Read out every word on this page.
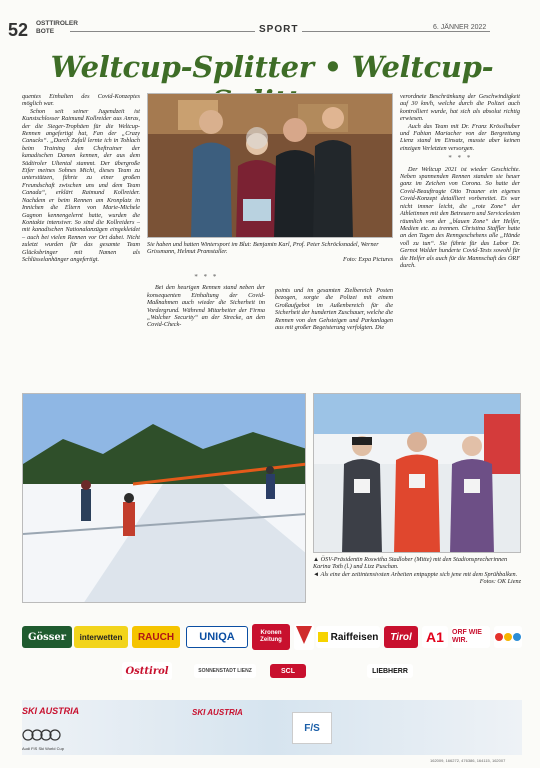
52 OSTTIROLER
BOTE	SPORT	6. JÄNNER 2022
Weltcup-Splitter • Weltcup-

quentes Einhalten des Covid-Konzeptes möglich war.

Schon seit seiner Jugendzeit ist Kunstschlosser Raimund Kollreider aus Anras, der die Sieger-Trophäen für die Weltcup-Rennen angefertigt hat, Fan der „Crazy Canucks“. „Durch Zufall lernte ich in Toblach beim Training den Cheftrainer der kanadischen Damen kennen, der aus dem Südtiroler Ultental stammt. Der übergroße Eifer meines Sohnes Michi, dieses Team zu unterstützen, führte zu einer großen Freundschaft zwischen uns und dem Team Canada“, erklärt Raimund Kollreider. Nachdem er beim Rennen am Kronplatz in Innichen die Eltern von Marie-Michele Gagnon kennengelernt hatte, wurden die Kontakte intensiver. So sind die Kollreiders – mit kanadischen Nationalanzügen eingekleidet – auch bei vielen Rennen vor Ort dabei. Nicht zuletzt wurden für das gesamte Team Glücksbringer mit Namen als Schlüsselanhänger angefertigt.

Sie haben und hatten Wintersport im Blut: Benjamin Karl, Prof. Peter Schröcksnadel, Werner Grissmann, Helmut Pramstaller.
Foto: Expa Pictures
* * *

Bei den heurigen Rennen stand neben der konsequenten Einhaltung der Covid-Maßnahmen auch wieder die Sicherheit im Vordergrund. Während Mitarbeiter der Firma „Walcher Security“ an der Strecke, an den Covid-Check-

points und im gesamten Zielbereich Posten bezogen, sorgte die Polizei mit einem Großaufgebot im Außenbereich für die Sicherheit der hunderten Zuschauer, welche die Rennen von den Gehsteigen und Parkanlagen aus mit großer Begeisterung verfolgten. Die

verordnete Beschränkung der Geschwindigkeit auf 30 km/h, welche durch die Polizei auch kontrolliert wurde, hat sich als absolut richtig erwiesen.

Auch das Team mit Dr. Franz Krösslhuber und Fabian Mariacher von der Bergrettung Lienz stand im Einsatz, musste aber keinen einzigen Verletzten versorgen.

* * *

Der Weltcup 2021 ist wieder Geschichte. Neben spannenden Rennen standen sie heuer ganz im Zeichen von Corona. So hatte der Covid-Beauftragte Otto Trauner ein eigenes Covid-Konzept detailliert vorbereitet. Es war nicht immer leicht, die „rote Zone“ der Athletinnen mit den Betreuern und Servicelesten räumlich von der „blauen Zone“ der Helfer, Medien etc. zu trennen. Christina Staffler hatte an den Tagen des Renngeschehens alle „Hände voll zu tun“. Sie führte für das Labor Dr. Gernot Walder hunderte Covid-Tests sowohl für die Helfer als auch für die Mannschaft des ÖRF durch.

▲ ÖSV-Präsidentin Roswitha Stadlober (Mitte) mit den Stadionsprecherinnen Karina Toth (l.) und Lizz Puschan.

◄ Als eine der zeitintensivsten Arbeiten entpuppte sich jene mit dem Sprühbalken.

Fotos: OK Lienz
Gösser	interwetten	RAUCH	UNIQA	Kronen Zeitung	Raiffeisen	Tirol	A1	ORF WIE WIR.
Osttirol	SONNENSTADT LIENZ	SCL	LIEBHERR
SKI AUSTRIA
Audi FIS Ski World Cup
SKI AUSTRIA
F/S
162009, 166272, 476386, 164115, 162007
